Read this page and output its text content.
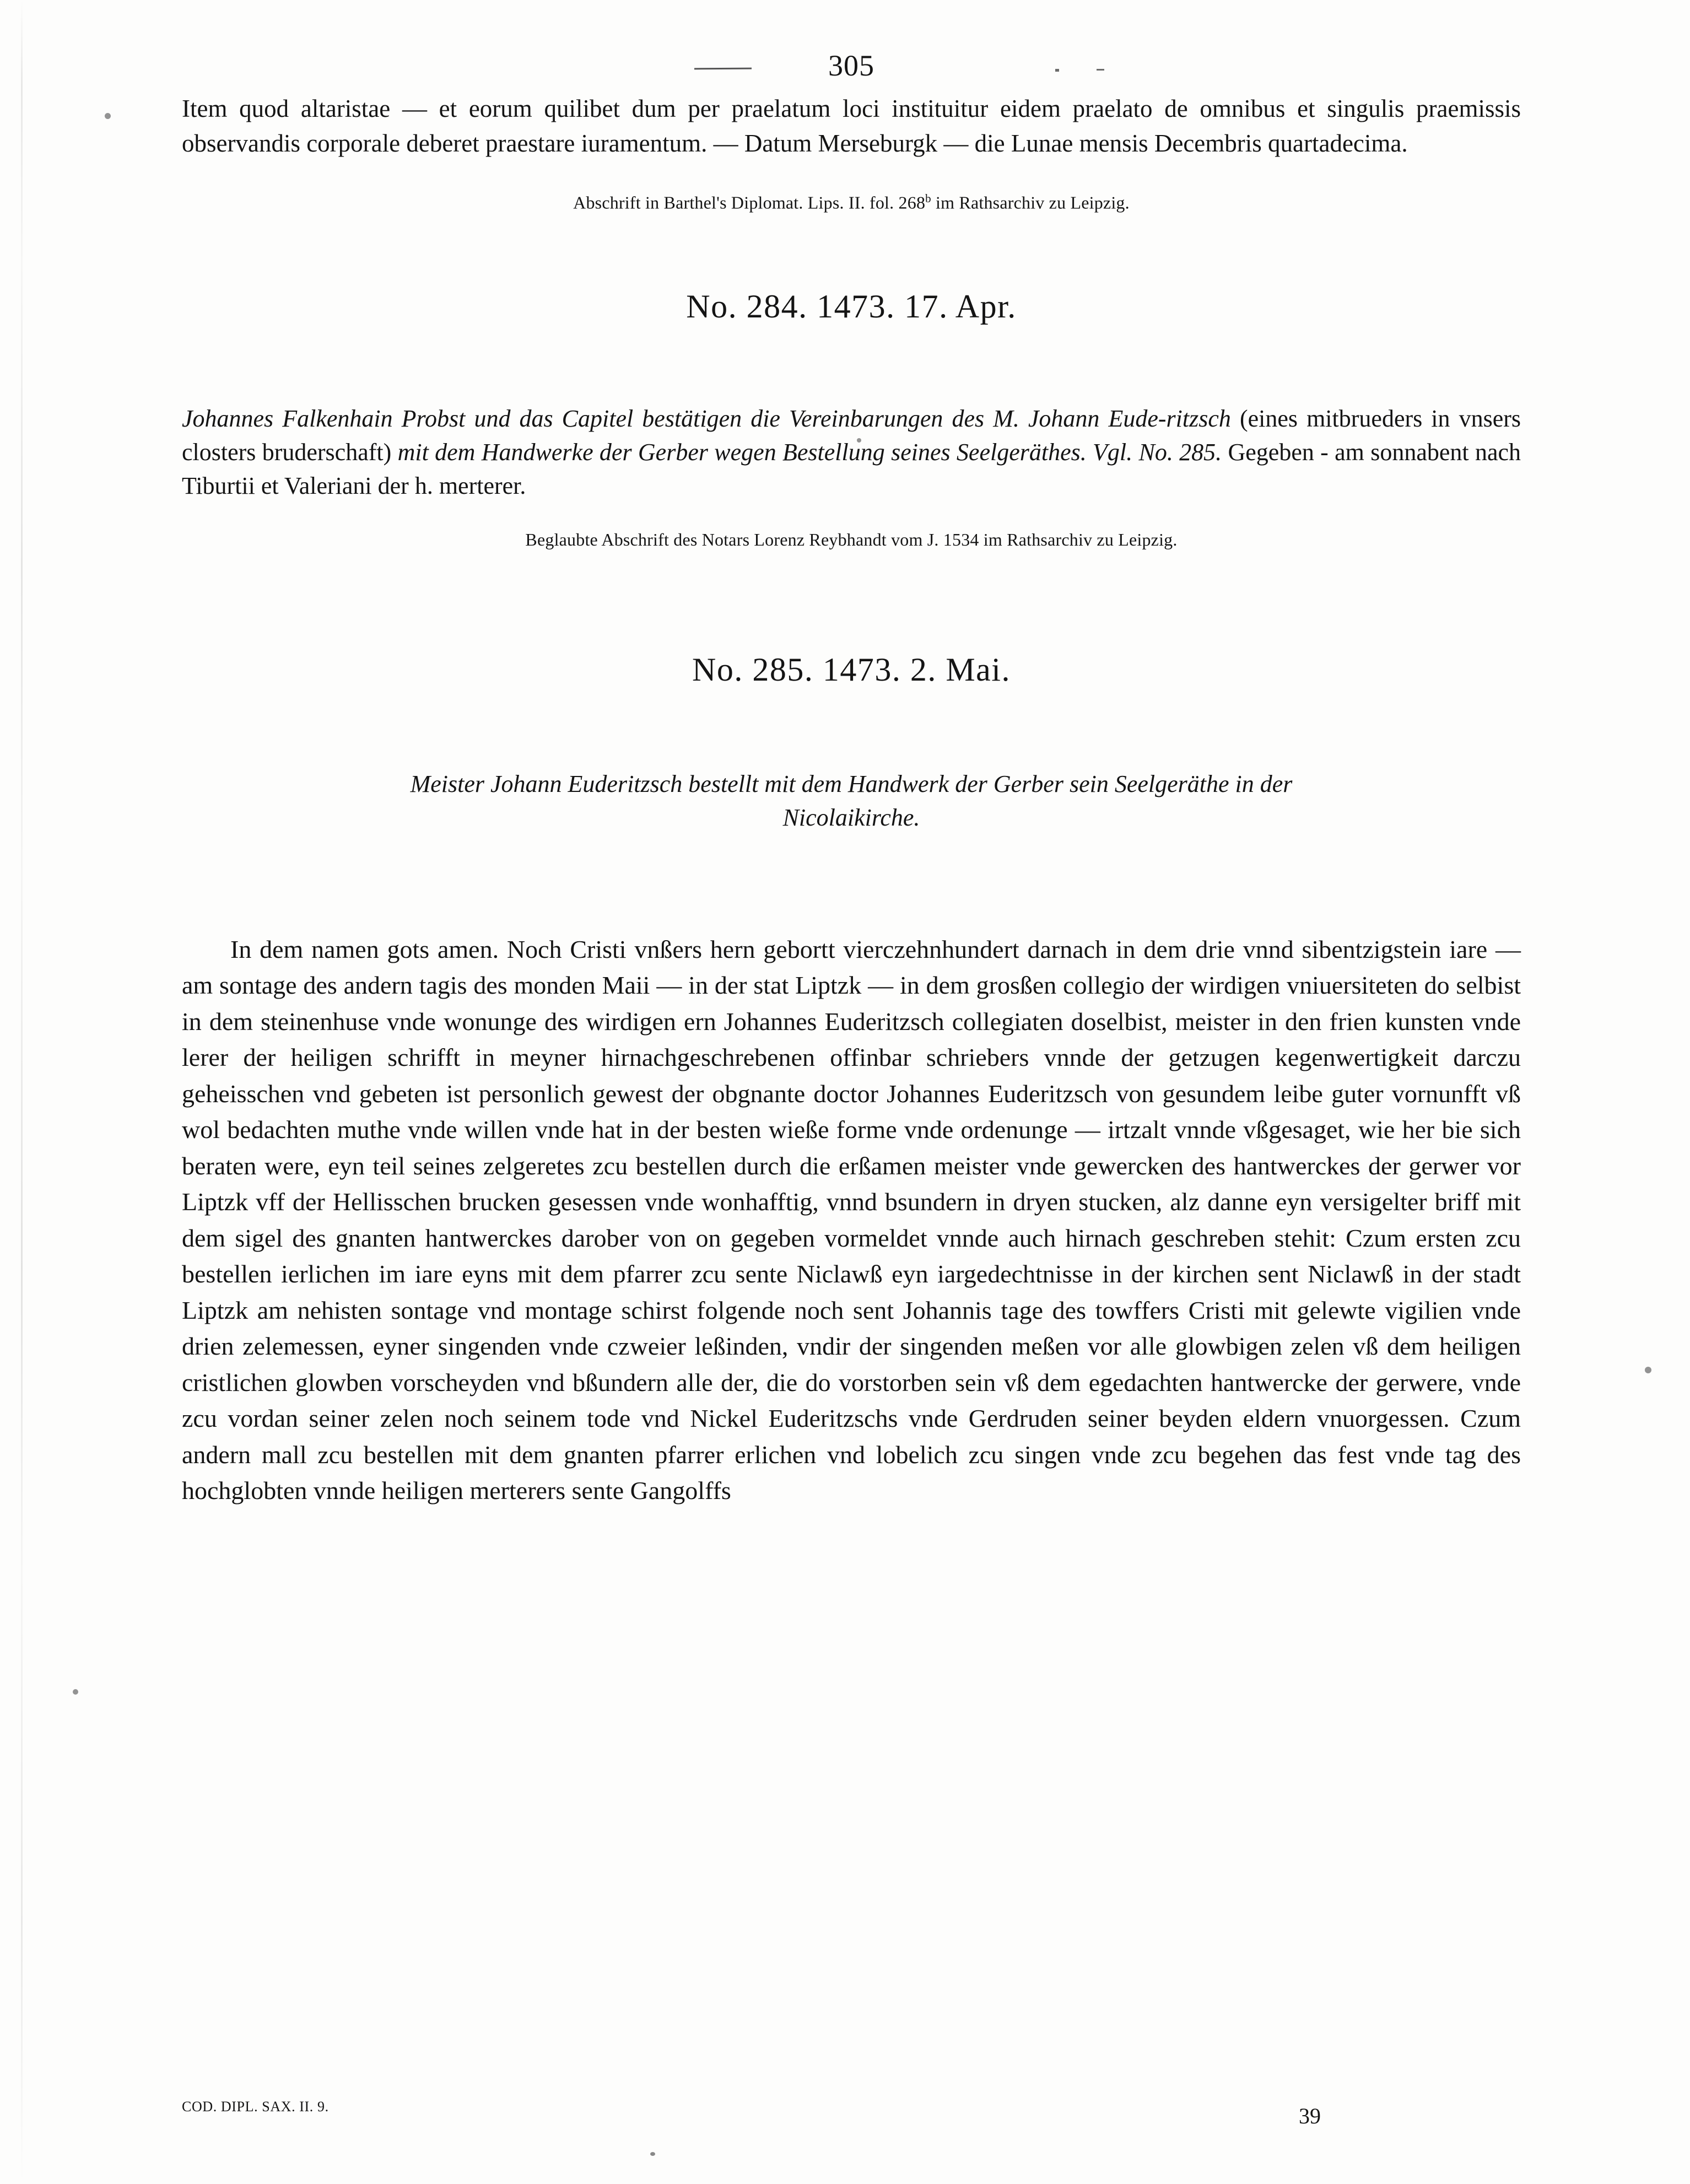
305

Item quod altaristae — et eorum quilibet dum per praelatum loci instituitur eidem praelato de omnibus et singulis praemissis observandis corporale deberet praestare iuramentum. — Datum Merseburgk — die Lunae mensis Decembris quartadecima.

Abschrift in Barthel's Diplomat. Lips. II. fol. 268$^b$ im Rathsarchiv zu Leipzig.
No. 284. 1473. 17. Apr.

Johannes Falkenhain Probst und das Capitel bestätigen die Vereinbarungen des M. Johann Eude-ritzsch (eines mitbrueders in vnsers closters bruderschaft) mit dem Handwerke der Gerber wegen Bestellung seines Seelgeräthes. Vgl. No. 285. Gegeben - am sonnabent nach Tiburtii et Valeriani der h. merterer.

Beglaubte Abschrift des Notars Lorenz Reybhandt vom J. 1534 im Rathsarchiv zu Leipzig.
No. 285. 1473. 2. Mai.

Meister Johann Euderitzsch bestellt mit dem Handwerk der Gerber sein Seelgeräthe in der
Nicolaikirche.

In dem namen gots amen. Noch Cristi vnßers hern gebortt vierczehnhundert darnach in dem drie vnnd sibentzigstein iare — am sontage des andern tagis des monden Maii — in der stat Liptzk — in dem grosßen collegio der wirdigen vniuersiteten do selbist in dem steinenhuse vnde wonunge des wirdigen ern Johannes Euderitzsch collegiaten doselbist, meister in den frien kunsten vnde lerer der heiligen schrifft in meyner hirnachgeschrebenen offinbar schriebers vnnde der getzugen kegenwertigkeit darczu geheisschen vnd gebeten ist personlich gewest der obgnante doctor Johannes Euderitzsch von gesundem leibe guter vornunfft vß wol bedachten muthe vnde willen vnde hat in der besten wieße forme vnde ordenunge — irtzalt vnnde vßgesaget, wie her bie sich beraten were, eyn teil seines zelgeretes zcu bestellen durch die erßamen meister vnde gewercken des hantwerckes der gerwer vor Liptzk vff der Hellisschen brucken gesessen vnde wonhafftig, vnnd bsundern in dryen stucken, alz danne eyn versigelter briff mit dem sigel des gnanten hantwerckes darober von on gegeben vormeldet vnnde auch hirnach geschreben stehit: Czum ersten zcu bestellen ierlichen im iare eyns mit dem pfarrer zcu sente Niclawß eyn iargedechtnisse in der kirchen sent Niclawß in der stadt Liptzk am nehisten sontage vnd montage schirst folgende noch sent Johannis tage des towffers Cristi mit gelewte vigilien vnde drien zelemessen, eyner singenden vnde czweier leßinden, vndir der singenden meßen vor alle glowbigen zelen vß dem heiligen cristlichen glowben vorscheyden vnd bßundern alle der, die do vorstorben sein vß dem egedachten hantwercke der gerwere, vnde zcu vordan seiner zelen noch seinem tode vnd Nickel Euderitzschs vnde Gerdruden seiner beyden eldern vnuorgessen. Czum andern mall zcu bestellen mit dem gnanten pfarrer erlichen vnd lobelich zcu singen vnde zcu begehen das fest vnde tag des hochglobten vnnde heiligen merterers sente Gangolffs

COD. DIPL. SAX. II. 9.	39
